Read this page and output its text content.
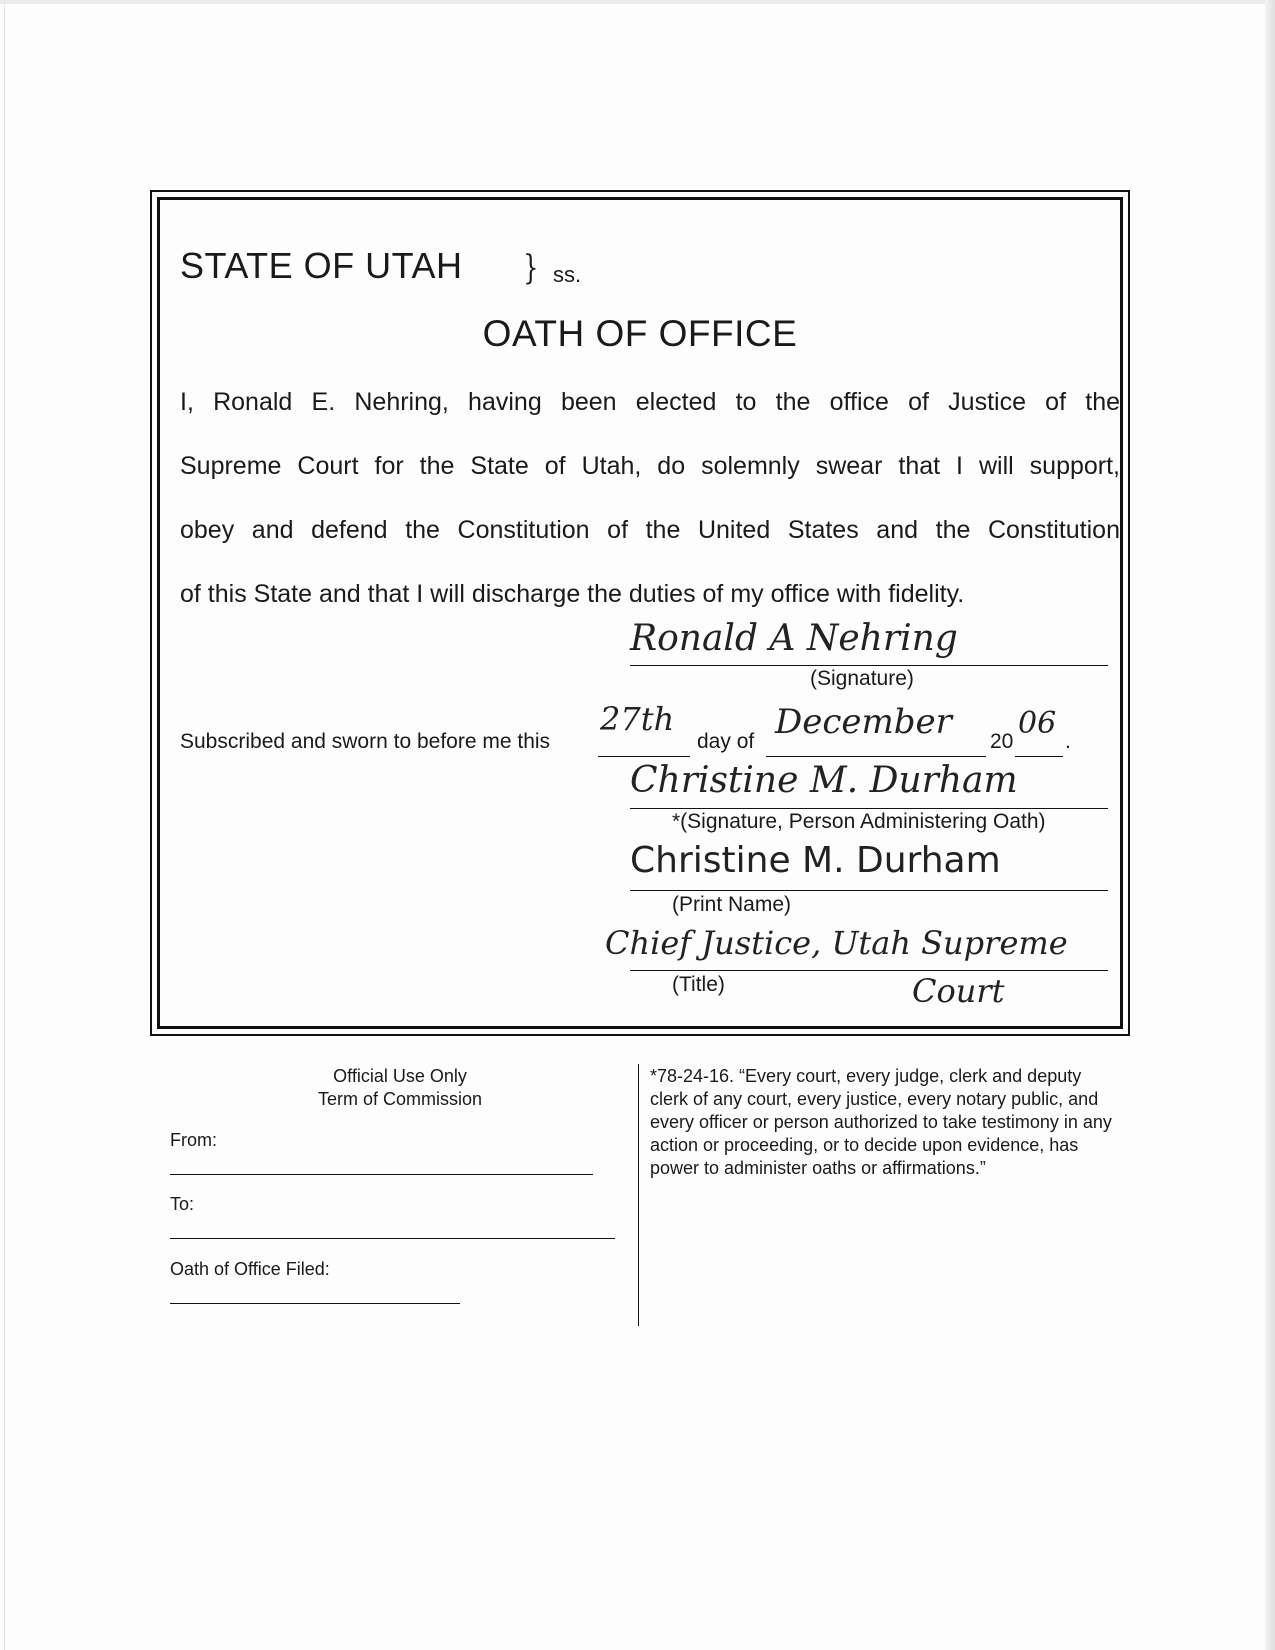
STATE OF UTAH } ss.
OATH OF OFFICE
I, Ronald E. Nehring, having been elected to the office of Justice of the
Supreme Court for the State of Utah, do solemnly swear that I will support,
obey and defend the Constitution of the United States and the Constitution
of this State and that I will discharge the duties of my office with fidelity.
Ronald A Nehring
(Signature)
Subscribed and sworn to before me this
27th
day of December 20
06
.
Christine M. Durham
*(Signature, Person Administering Oath)
Christine M. Durham
(Print Name)
Chief Justice, Utah Supreme
(Title)	Court
Official Use Only
Term of Commission
From:
To:
Oath of Office Filed:
*78-24-16. “Every court, every judge, clerk and deputy clerk of any court, every justice, every notary public, and every officer or person authorized to take testimony in any action or proceeding, or to decide upon evidence, has power to administer oaths or affirmations.”
